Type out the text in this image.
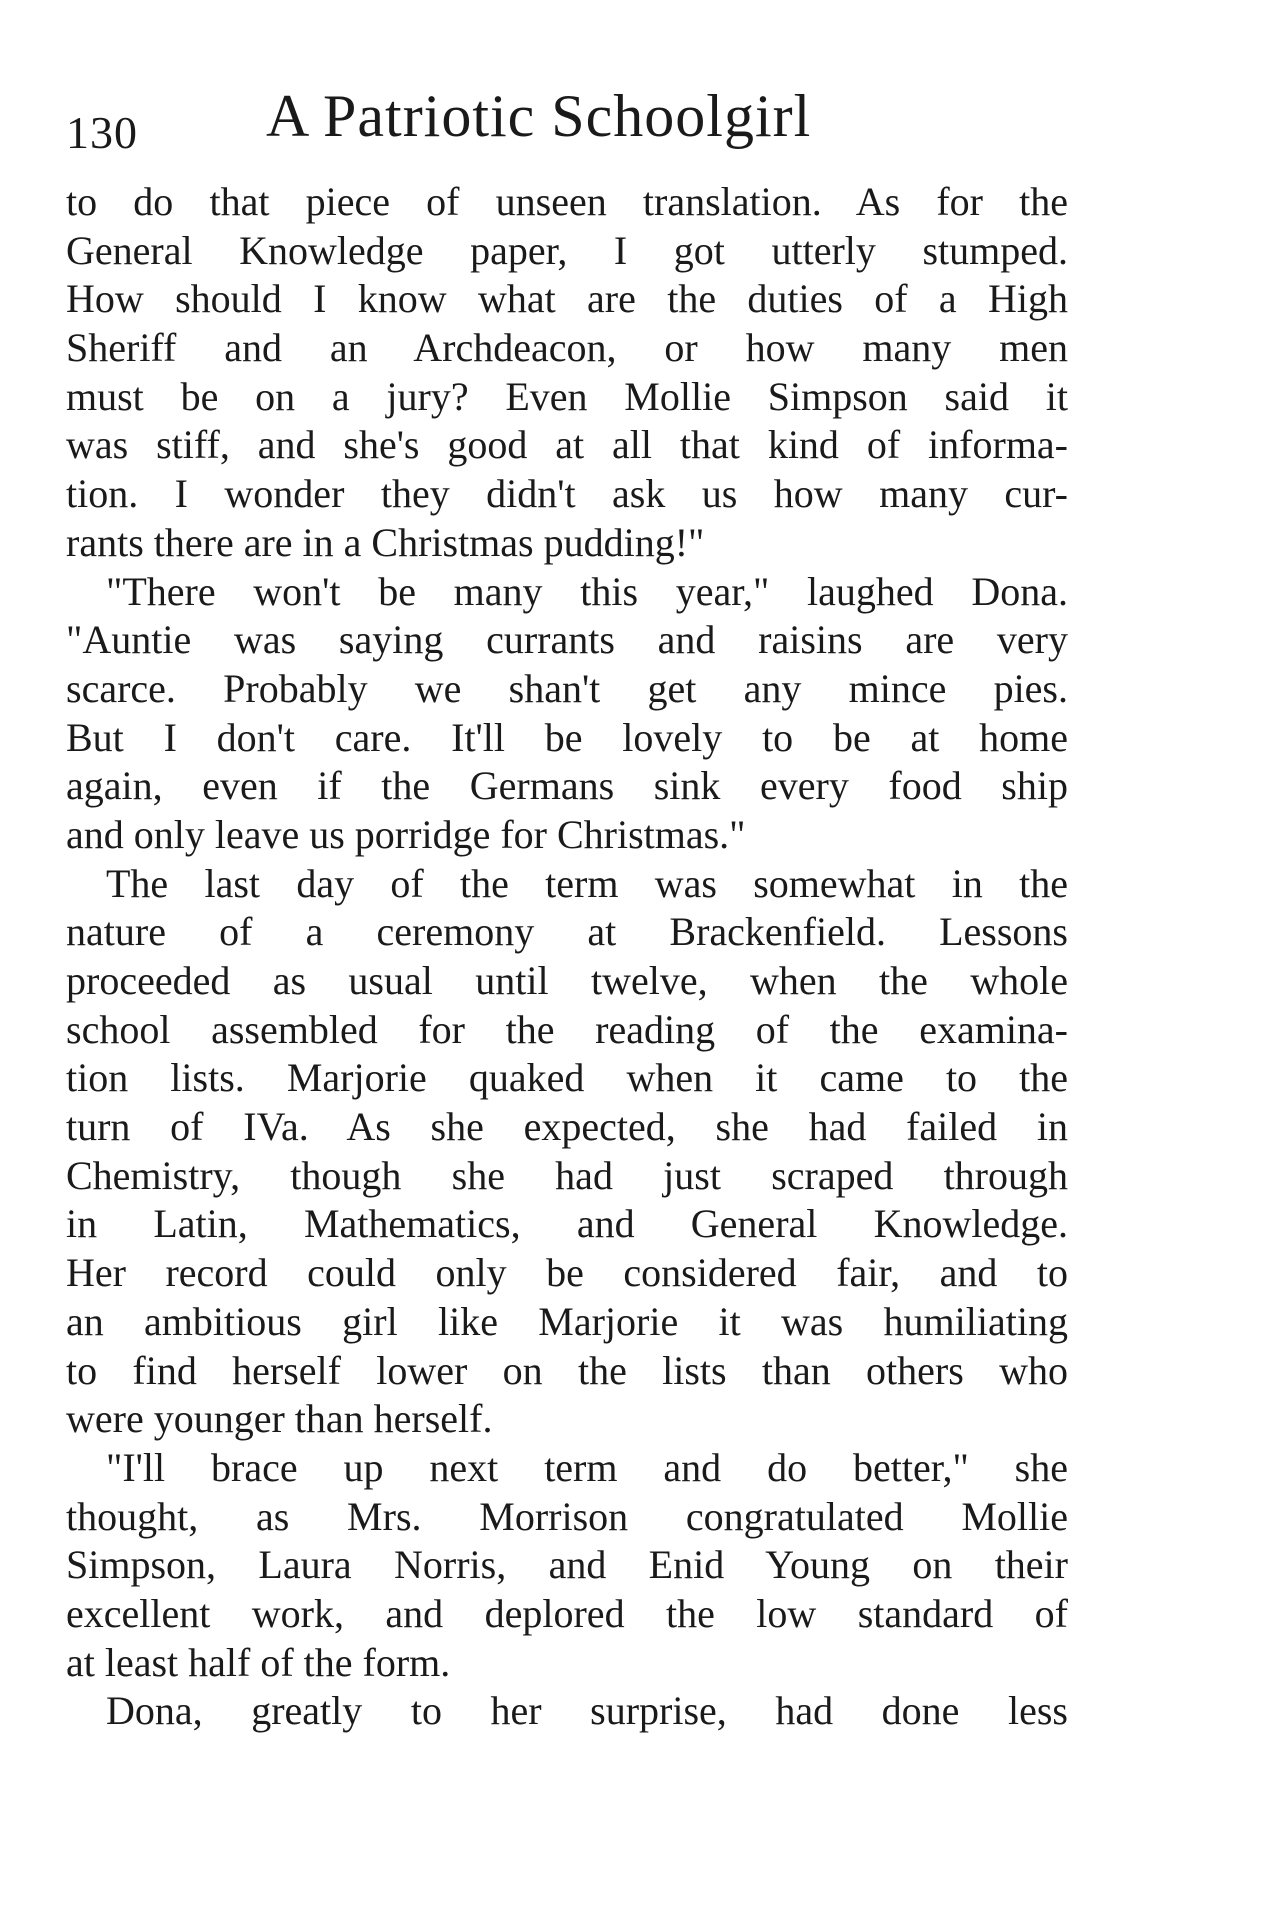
130 A Patriotic Schoolgirl
to do that piece of unseen translation. As for the
General Knowledge paper, I got utterly stumped.
How should I know what are the duties of a High
Sheriff and an Archdeacon, or how many men
must be on a jury? Even Mollie Simpson said it
was stiff, and she's good at all that kind of informa-
tion. I wonder they didn't ask us how many cur-
rants there are in a Christmas pudding!"
"There won't be many this year," laughed Dona.
"Auntie was saying currants and raisins are very
scarce. Probably we shan't get any mince pies.
But I don't care. It'll be lovely to be at home
again, even if the Germans sink every food ship
and only leave us porridge for Christmas."
The last day of the term was somewhat in the
nature of a ceremony at Brackenfield. Lessons
proceeded as usual until twelve, when the whole
school assembled for the reading of the examina-
tion lists. Marjorie quaked when it came to the
turn of IVa. As she expected, she had failed in
Chemistry, though she had just scraped through
in Latin, Mathematics, and General Knowledge.
Her record could only be considered fair, and to
an ambitious girl like Marjorie it was humiliating
to find herself lower on the lists than others who
were younger than herself.
"I'll brace up next term and do better," she
thought, as Mrs. Morrison congratulated Mollie
Simpson, Laura Norris, and Enid Young on their
excellent work, and deplored the low standard of
at least half of the form.
Dona, greatly to her surprise, had done less
